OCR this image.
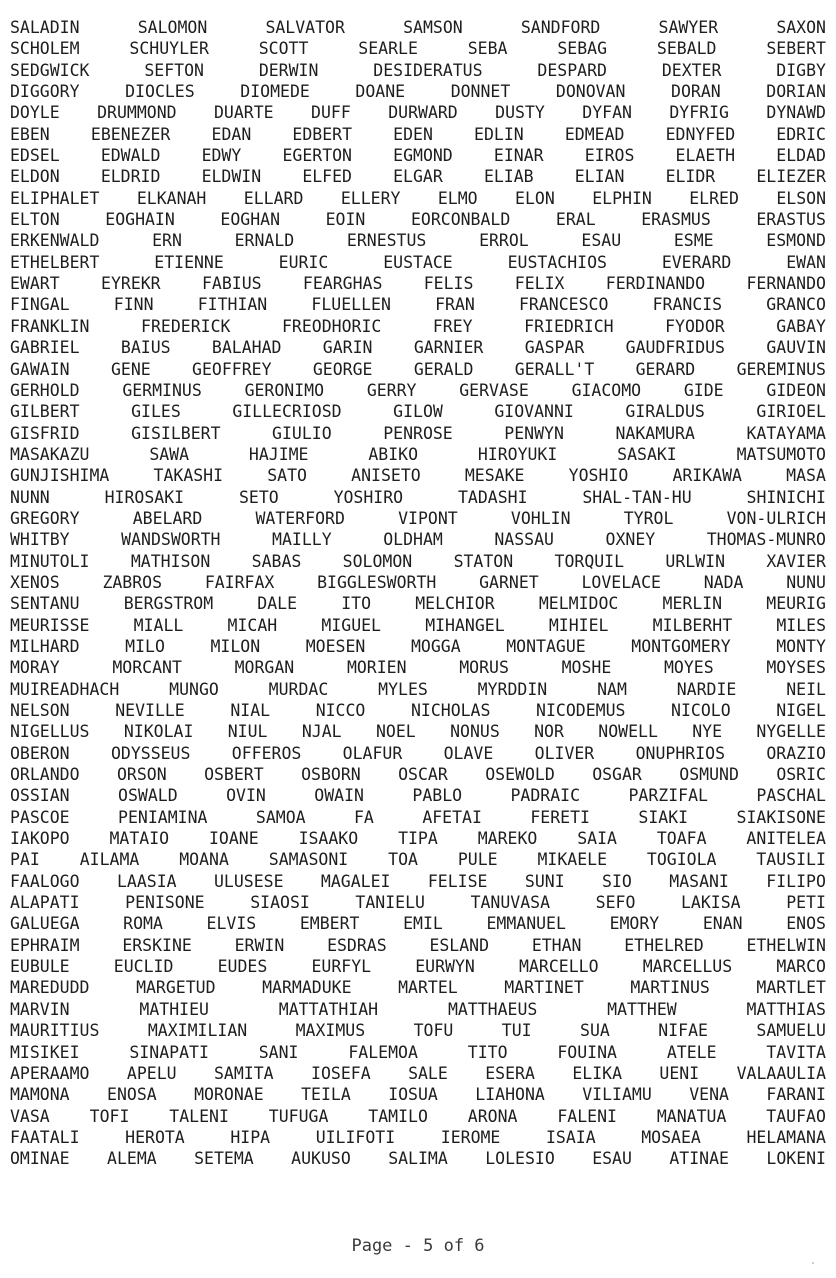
SALADIN	SALOMON	SALVATOR	SAMSON	SANDFORD	SAWYER	SAXON
SCHOLEM	SCHUYLER	SCOTT	SEARLE	SEBA	SEBAG	SEBALD	SEBERT
SEDGWICK	SEFTON	DERWIN	DESIDERATUS	DESPARD	DEXTER	DIGBY
DIGGORY	DIOCLES	DIOMEDE	DOANE	DONNET	DONOVAN	DORAN	DORIAN
DOYLE DRUMMOND DUARTE DUFF DURWARD DUSTY DYFAN DYFRIG DYNAWD
EBEN EBENEZER EDAN EDBERT EDEN EDLIN EDMEAD EDNYFED EDRIC
EDSEL EDWALD EDWY EGERTON EGMOND EINAR EIROS ELAETH ELDAD
ELDON ELDRID ELDWIN ELFED ELGAR ELIAB ELIAN ELIDR ELIEZER
ELIPHALET ELKANAH ELLARD ELLERY ELMO ELON ELPHIN ELRED ELSON
ELTON	EOGHAIN	EOGHAN	EOIN	EORCONBALD	ERAL	ERASMUS	ERASTUS
ERKENWALD	ERN	ERNALD	ERNESTUS	ERROL	ESAU	ESME	ESMOND
ETHELBERT	ETIENNE	EURIC	EUSTACE	EUSTACHIOS	EVERARD	EWAN
EWART	EYREKR	FABIUS	FEARGHAS	FELIS	FELIX	FERDINANDO	FERNANDO
FINGAL	FINN	FITHIAN	FLUELLEN	FRAN	FRANCESCO	FRANCIS	GRANCO
FRANKLIN	FREDERICK	FREODHORIC	FREY	FRIEDRICH	FYODOR	GABAY
GABRIEL	BAIUS	BALAHAD	GARIN	GARNIER	GASPAR	GAUDFRIDUS	GAUVIN
GAWAIN	GENE	GEOFFREY	GEORGE	GERALD	GERALL'T	GERARD	GEREMINUS
GERHOLD	GERMINUS	GERONIMO	GERRY	GERVASE	GIACOMO	GIDE	GIDEON
GILBERT	GILES	GILLECRIOSD	GILOW	GIOVANNI	GIRALDUS	GIRIOEL
GISFRID	GISILBERT	GIULIO	PENROSE	PENWYN	NAKAMURA	KATAYAMA
MASAKAZU	SAWA	HAJIME	ABIKO	HIROYUKI	SASAKI	MATSUMOTO
GUNJISHIMA	TAKASHI	SATO	ANISETO	MESAKE	YOSHIO	ARIKAWA	MASA
NUNN	HIROSAKI	SETO	YOSHIRO	TADASHI	SHAL-TAN-HU	SHINICHI
GREGORY	ABELARD	WATERFORD	VIPONT	VOHLIN	TYROL	VON-ULRICH
WHITBY	WANDSWORTH	MAILLY	OLDHAM	NASSAU	OXNEY	THOMAS-MUNRO
MINUTOLI	MATHISON	SABAS	SOLOMON	STATON	TORQUIL	URLWIN	XAVIER
XENOS	ZABROS	FAIRFAX	BIGGLESWORTH	GARNET	LOVELACE	NADA	NUNU
SENTANU	BERGSTROM	DALE	ITO	MELCHIOR	MELMIDOC	MERLIN	MEURIG
MEURISSE	MIALL	MICAH	MIGUEL	MIHANGEL	MIHIEL	MILBERHT	MILES
MILHARD	MILO	MILON	MOESEN	MOGGA	MONTAGUE	MONTGOMERY	MONTY
MORAY	MORCANT	MORGAN	MORIEN	MORUS	MOSHE	MOYES	MOYSES
MUIREADHACH	MUNGO	MURDAC	MYLES	MYRDDIN	NAM	NARDIE	NEIL
NELSON	NEVILLE	NIAL	NICCO	NICHOLAS	NICODEMUS	NICOLO	NIGEL
NIGELLUS NIKOLAI NIUL NJAL NOEL NONUS NOR NOWELL NYE NYGELLE
OBERON	ODYSSEUS	OFFEROS	OLAFUR	OLAVE	OLIVER	ONUPHRIOS	ORAZIO
ORLANDO ORSON OSBERT OSBORN OSCAR OSEWOLD OSGAR OSMUND OSRIC
OSSIAN	OSWALD	OVIN	OWAIN	PABLO	PADRAIC	PARZIFAL	PASCHAL
PASCOE	PENIAMINA	SAMOA	FA	AFETAI	FERETI	SIAKI	SIAKISONE
IAKOPO MATAIO IOANE ISAAKO TIPA MAREKO SAIA TOAFA ANITELEA
PAI AILAMA MOANA SAMASONI TOA PULE MIKAELE TOGIOLA TAUSILI
FAALOGO LAASIA ULUSESE MAGALEI FELISE SUNI SIO MASANI FILIPO
ALAPATI	PENISONE	SIAOSI	TANIELU	TANUVASA	SEFO	LAKISA	PETI
GALUEGA	ROMA	ELVIS	EMBERT	EMIL	EMMANUEL	EMORY	ENAN	ENOS
EPHRAIM	ERSKINE	ERWIN	ESDRAS	ESLAND	ETHAN	ETHELRED	ETHELWIN
EUBULE	EUCLID	EUDES	EURFYL	EURWYN	MARCELLO	MARCELLUS	MARCO
MAREDUDD	MARGETUD	MARMADUKE	MARTEL	MARTINET	MARTINUS	MARTLET
MARVIN	MATHIEU	MATTATHIAH	MATTHAEUS	MATTHEW	MATTHIAS
MAURITIUS	MAXIMILIAN	MAXIMUS	TOFU	TUI	SUA	NIFAE	SAMUELU
MISIKEI	SINAPATI	SANI	FALEMOA	TITO	FOUINA	ATELE	TAVITA
APERAAMO APELU SAMITA IOSEFA SALE ESERA ELIKA UENI VALAAULIA
MAMONA ENOSA MORONAE TEILA IOSUA LIAHONA VILIAMU VENA FARANI
VASA TOFI TALENI TUFUGA TAMILO ARONA FALENI MANATUA TAUFAO
FAATALI	HEROTA	HIPA	UILIFOTI	IEROME	ISAIA	MOSAEA	HELAMANA
OMINAE ALEMA SETEMA AUKUSO SALIMA LOLESIO ESAU ATINAE LOKENI
Page - 5 of 6
